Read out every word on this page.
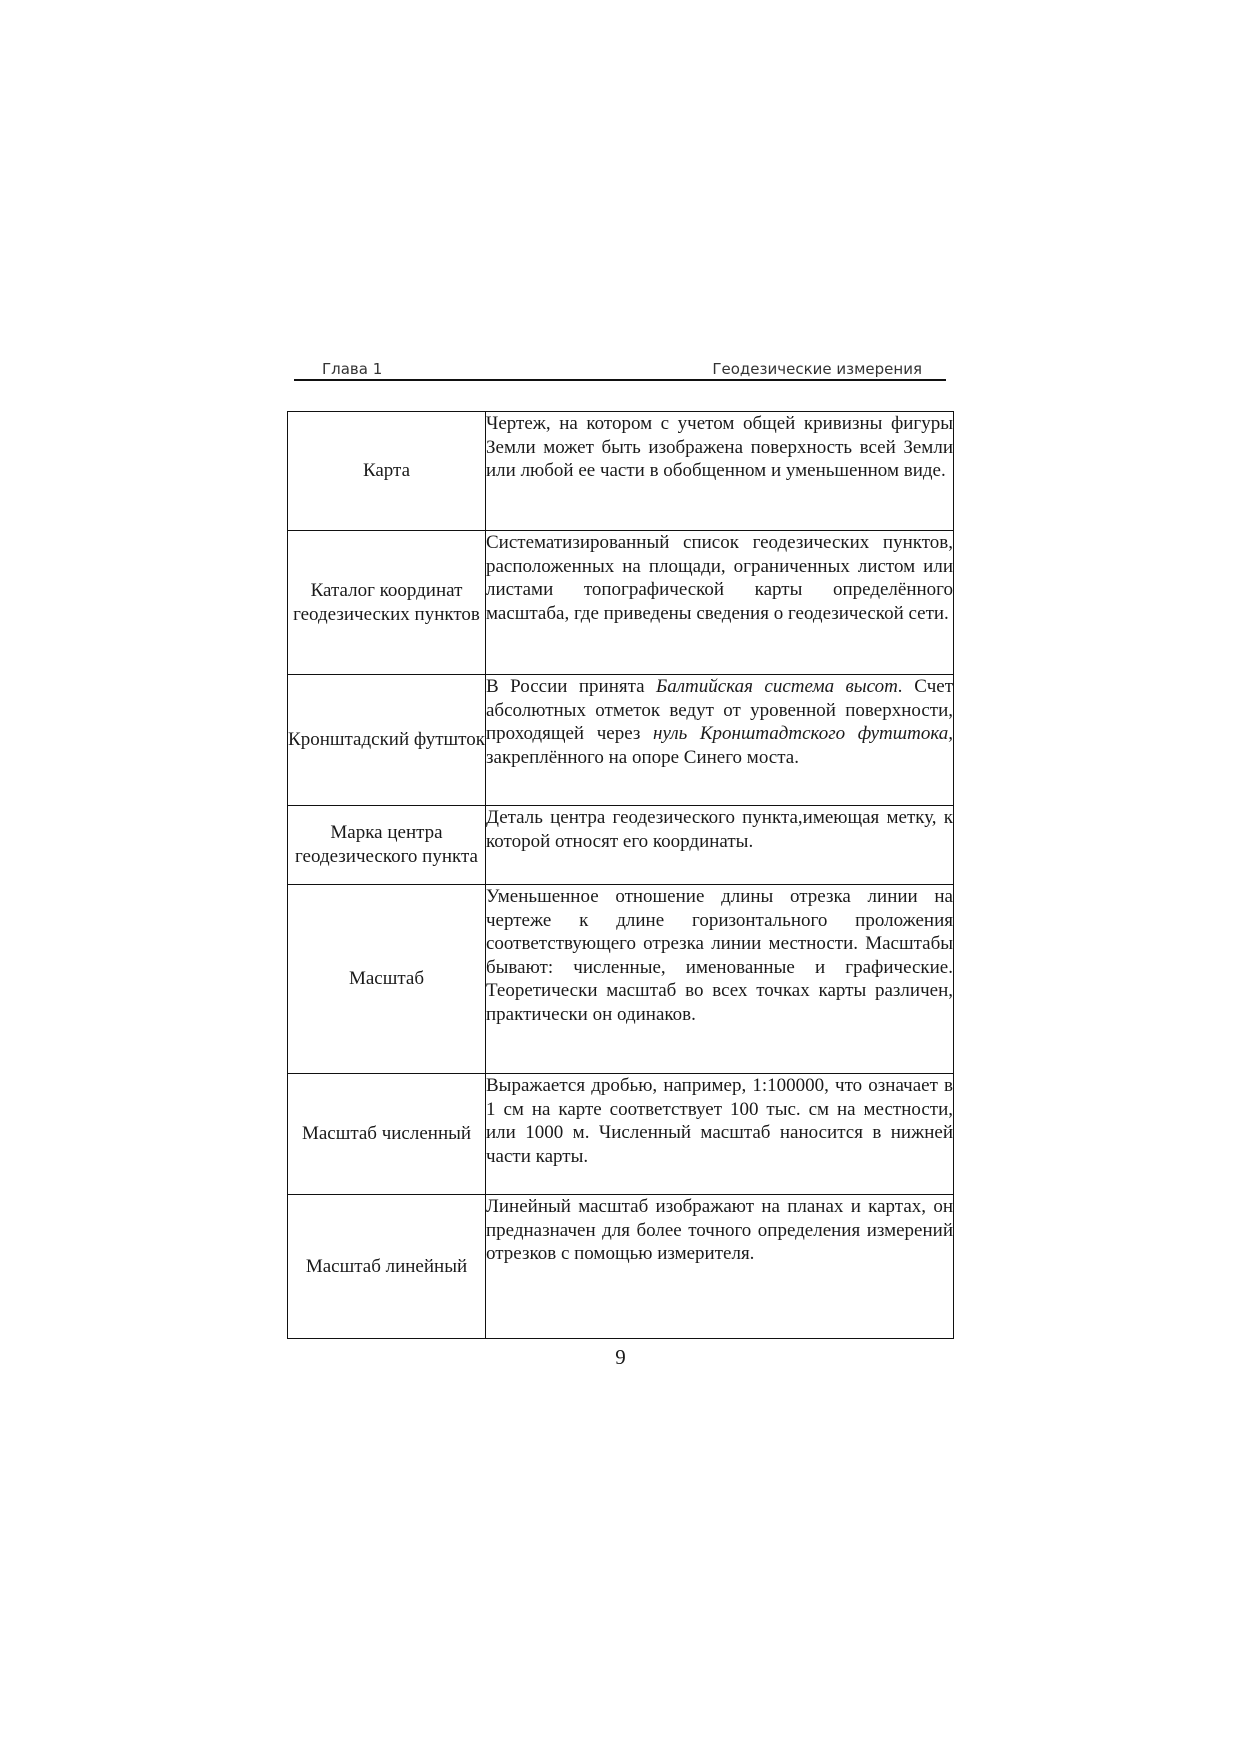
Глава 1	Геодезические измерения
Карта	Чертеж, на котором с учетом общей кривизны фигуры Земли может быть изображена поверхность всей Земли или любой ее части в обобщенном и уменьшенном виде.
Каталог координат геодезических пунктов	Систематизированный список геодезических пунктов, расположенных на площади, ограниченных листом или листами топографической карты определённого масштаба, где приведены сведения о геодезической сети.
Кронштадский футшток	В России принята Балтийская система высот. Счет абсолютных отметок ведут от уровенной поверхности, проходящей через нуль Кронштадтского футштока, закреплённого на опоре Синего моста.
Марка центра геодезического пункта	Деталь центра геодезического пункта,имеющая метку, к которой относят его координаты.
Масштаб	Уменьшенное отношение длины отрезка линии на чертеже к длине горизонтального проложения соответствующего отрезка линии местности. Масштабы бывают: численные, именованные и графические. Теоретически масштаб во всех точках карты различен, практически он одинаков.
Масштаб численный	Выражается дробью, например, 1:100000, что означает в 1 см на карте соответствует 100 тыс. см на местности, или 1000 м. Численный масштаб наносится в нижней части карты.
Масштаб линейный	Линейный масштаб изображают на планах и картах, он предназначен для более точного определения измерений отрезков с помощью измерителя.
9
